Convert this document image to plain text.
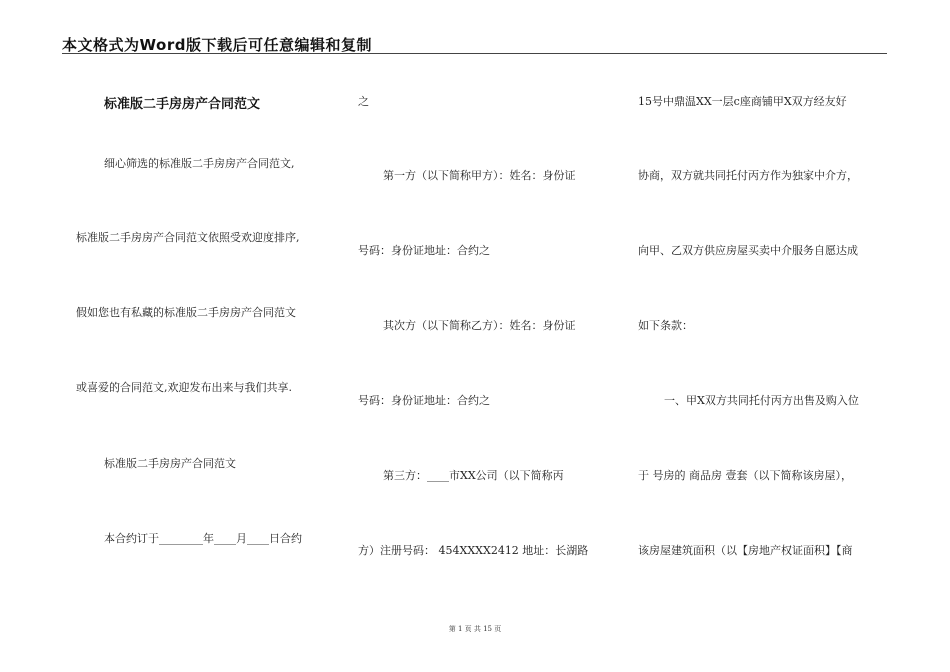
本文格式为Word版下载后可任意编辑和复制
标准版二手房房产合同范文
细心筛选的标准版二手房房产合同范文,
标准版二手房房产合同范文依照受欢迎度排序,
假如您也有私藏的标准版二手房房产合同范文
或喜爱的合同范文,欢迎发布出来与我们共享.
标准版二手房房产合同范文
本合约订于________年____月____日合约
之
第一方（以下简称甲方）：姓名：身份证
号码：身份证地址：合约之
其次方（以下简称乙方）：姓名：身份证
号码：身份证地址：合约之
第三方：____市XX公司（以下简称丙
方）注册号码： 454XXXX2412 地址：长湖路
15号中鼎温XX一层c座商铺甲X双方经友好
协商，双方就共同托付丙方作为独家中介方，
向甲、乙双方供应房屋买卖中介服务自愿达成
如下条款：
一、甲X双方共同托付丙方出售及购入位
于 号房的 商品房 壹套（以下简称该房屋），
该房屋建筑面积（以【房地产权证面积】【商
第 1 页 共 15 页
